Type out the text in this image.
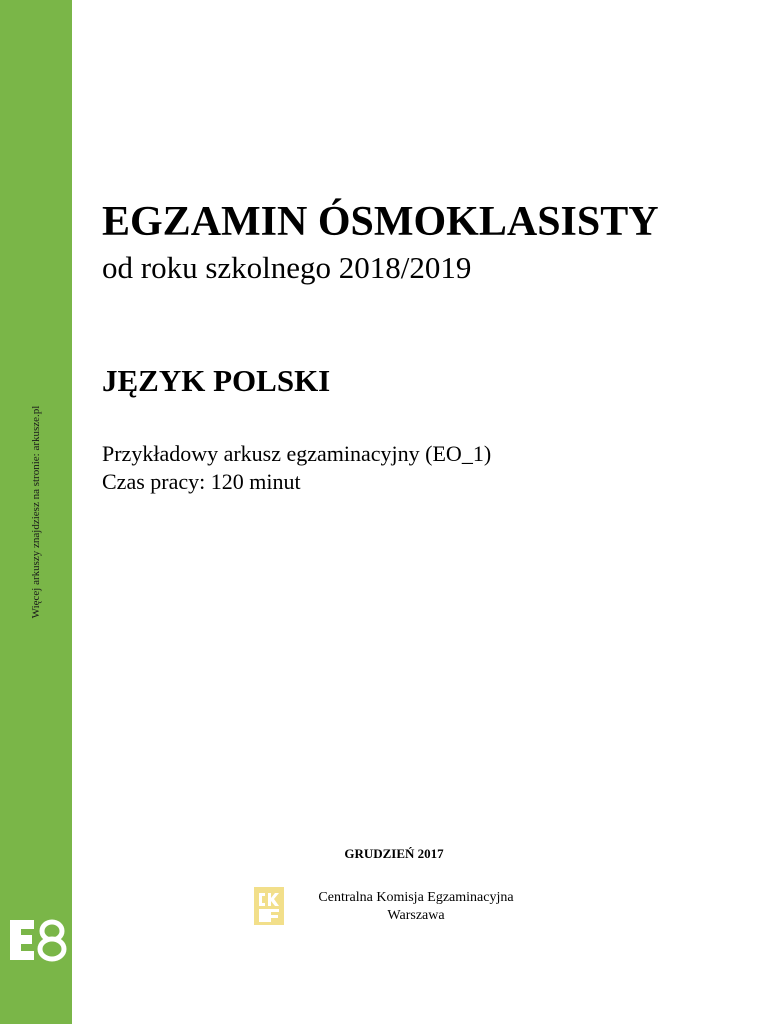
Więcej arkuszy znajdziesz na stronie: arkusze.pl
EGZAMIN ÓSMOKLASISTY
od roku szkolnego 2018/2019
JĘZYK POLSKI
Przykładowy arkusz egzaminacyjny (EO_1)
Czas pracy: 120 minut
GRUDZIEŃ 2017
Centralna Komisja Egzaminacyjna
Warszawa
